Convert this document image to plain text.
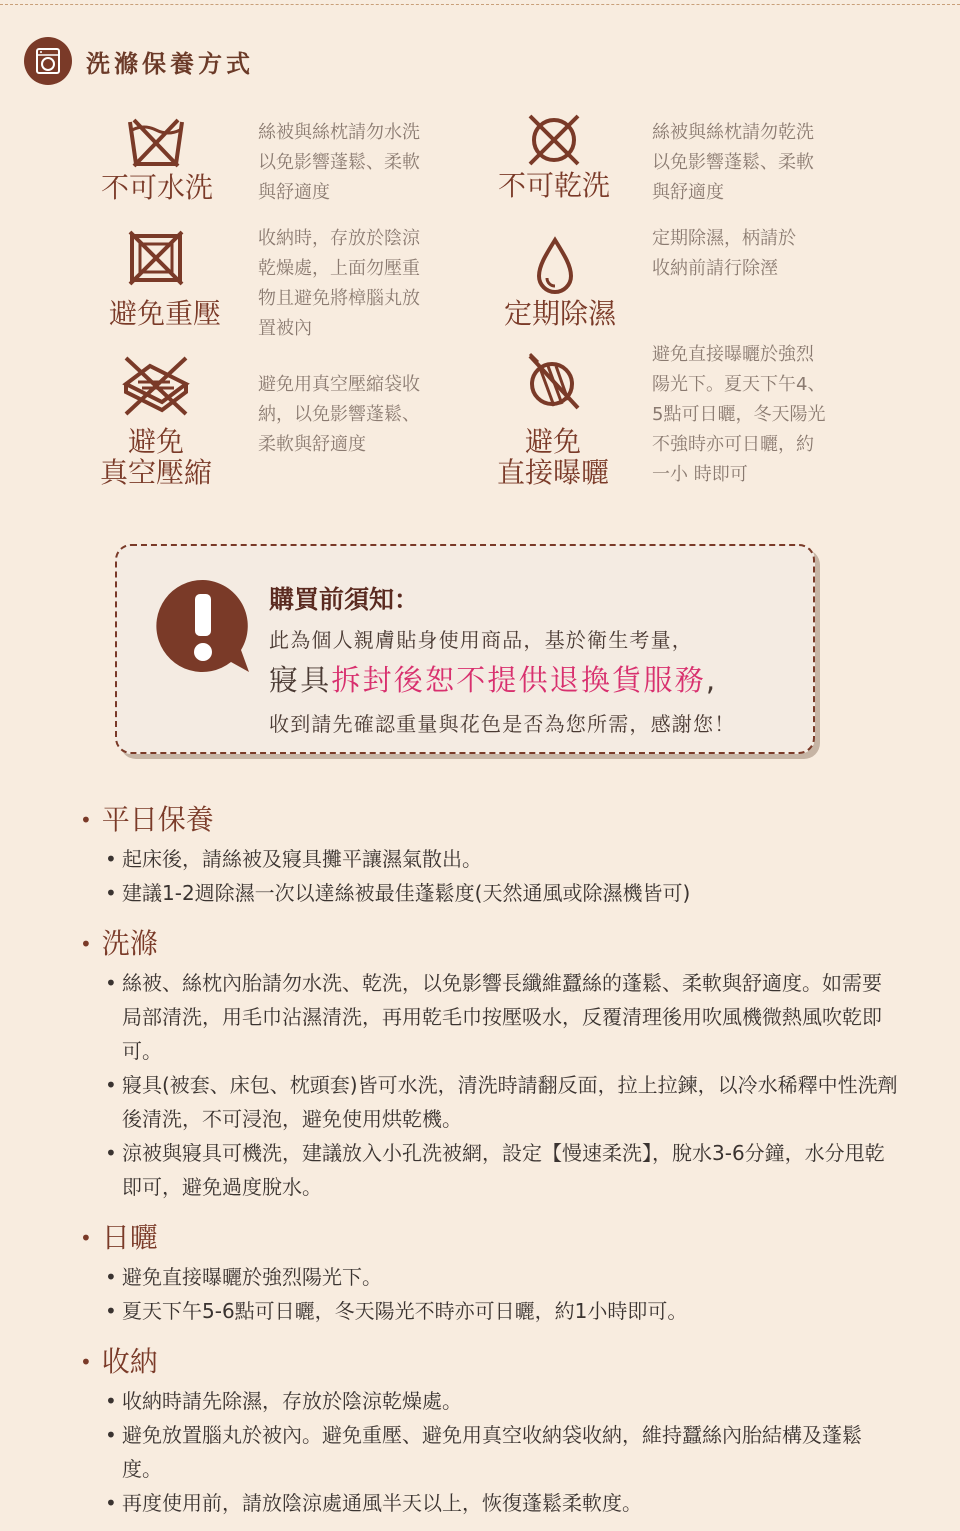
洗滌保養方式
不可水洗
絲被與絲枕請勿水洗
以免影響蓬鬆、柔軟
與舒適度	不可乾洗
絲被與絲枕請勿乾洗
以免影響蓬鬆、柔軟
與舒適度
避免重壓
收納時，存放於陰涼
乾燥處，上面勿壓重
物且避免將樟腦丸放
置被內	定期除濕
定期除濕，柄請於
收納前請行除溼
避免
真空壓縮
避免用真空壓縮袋收
納，以免影響蓬鬆、
柔軟與舒適度	避免
直接曝曬
避免直接曝曬於強烈
陽光下。夏天下午4、
5點可日曬，冬天陽光
不強時亦可日曬，約
一小 時即可
購買前須知：
此為個人親膚貼身使用商品，基於衛生考量，
寢具拆封後恕不提供退換貨服務,
收到請先確認重量與花色是否為您所需，感謝您！
• 平日保養
• 起床後，請絲被及寢具攤平讓濕氣散出。
• 建議1-2週除濕一次以達絲被最佳蓬鬆度(天然通風或除濕機皆可)
• 洗滌
• 絲被、絲枕內胎請勿水洗、乾洗，以免影響長纖維蠶絲的蓬鬆、柔軟與舒適度。如需要局部清洗，用毛巾沾濕清洗，再用乾毛巾按壓吸水，反覆清理後用吹風機微熱風吹乾即可。
• 寢具(被套、床包、枕頭套)皆可水洗，清洗時請翻反面，拉上拉鍊，以冷水稀釋中性洗劑後清洗，不可浸泡，避免使用烘乾機。
• 涼被與寢具可機洗，建議放入小孔洗被網，設定【慢速柔洗】，脫水3-6分鐘，水分甩乾即可，避免過度脫水。
• 日曬
• 避免直接曝曬於強烈陽光下。
• 夏天下午5-6點可日曬，冬天陽光不時亦可日曬，約1小時即可。
• 收納
• 收納時請先除濕，存放於陰涼乾燥處。
• 避免放置腦丸於被內。避免重壓、避免用真空收納袋收納，維持蠶絲內胎結構及蓬鬆度。
• 再度使用前，請放陰涼處通風半天以上，恢復蓬鬆柔軟度。
